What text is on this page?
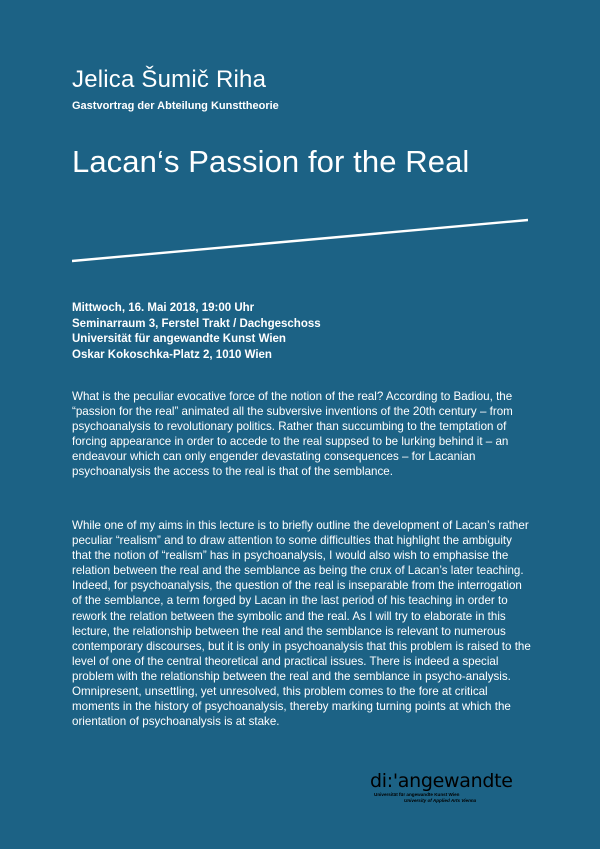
Jelica Šumič Riha
Gastvortrag der Abteilung Kunsttheorie
Lacan‘s Passion for the Real
Mittwoch, 16. Mai 2018, 19:00 Uhr
Seminarraum 3, Ferstel Trakt / Dachgeschoss
Universität für angewandte Kunst Wien
Oskar Kokoschka-Platz 2, 1010 Wien

What is the peculiar evocative force of the notion of the real? According to Badiou, the “passion for the real” animated all the subversive inventions of the 20th century – from psychoanalysis to revolutionary politics. Rather than succumbing to the temptation of forcing appearance in order to accede to the real suppsed to be lurking behind it – an endeavour which can only engender devastating consequences – for Lacanian psychoanalysis the access to the real is that of the semblance.

While one of my aims in this lecture is to briefly outline the development of Lacan’s rather peculiar “realism” and to draw attention to some difficulties that highlight the ambiguity that the notion of “realism” has in psychoanalysis, I would also wish to emphasise the relation between the real and the semblance as being the crux of Lacan’s later teaching. Indeed, for psychoanalysis, the question of the real is inseparable from the interrogation of the semblance, a term forged by Lacan in the last period of his teaching in order to rework the relation between the symbolic and the real. As I will try to elaborate in this lecture, the relationship between the real and the semblance is relevant to numerous contemporary discourses, but it is only in psychoanalysis that this problem is raised to the level of one of the central theoretical and practical issues. There is indeed a special problem with the relationship between the real and the semblance in psycho-analysis. Omnipresent, unsettling, yet unresolved, this problem comes to the fore at critical moments in the history of psychoanalysis, thereby marking turning points at which the orientation of psychoanalysis is at stake.

di:'angewandte
Universität für angewandte Kunst Wien
University of Applied Arts Vienna
